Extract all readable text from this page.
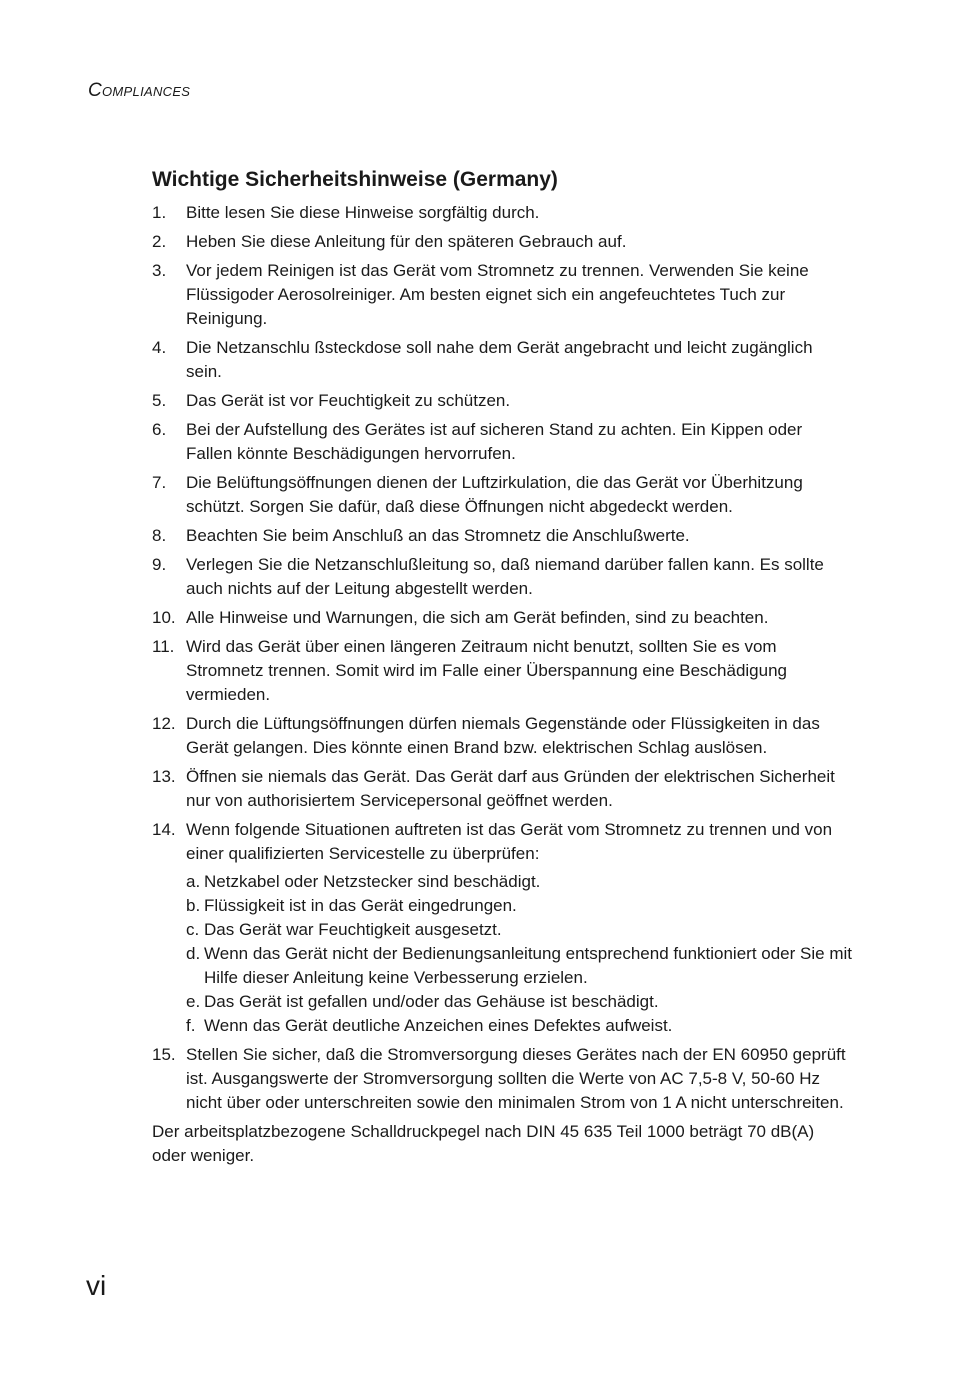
Compliances
Wichtige Sicherheitshinweise (Germany)
1. Bitte lesen Sie diese Hinweise sorgfältig durch.
2. Heben Sie diese Anleitung für den späteren Gebrauch auf.
3. Vor jedem Reinigen ist das Gerät vom Stromnetz zu trennen. Verwenden Sie keine Flüssigoder Aerosolreiniger. Am besten eignet sich ein angefeuchtetes Tuch zur Reinigung.
4. Die Netzanschlu ßsteckdose soll nahe dem Gerät angebracht und leicht zugänglich sein.
5. Das Gerät ist vor Feuchtigkeit zu schützen.
6. Bei der Aufstellung des Gerätes ist auf sicheren Stand zu achten. Ein Kippen oder Fallen könnte Beschädigungen hervorrufen.
7. Die Belüftungsöffnungen dienen der Luftzirkulation, die das Gerät vor Überhitzung schützt. Sorgen Sie dafür, daß diese Öffnungen nicht abgedeckt werden.
8. Beachten Sie beim Anschluß an das Stromnetz die Anschlußwerte.
9. Verlegen Sie die Netzanschlußleitung so, daß niemand darüber fallen kann. Es sollte auch nichts auf der Leitung abgestellt werden.
10. Alle Hinweise und Warnungen, die sich am Gerät befinden, sind zu beachten.
11. Wird das Gerät über einen längeren Zeitraum nicht benutzt, sollten Sie es vom Stromnetz trennen. Somit wird im Falle einer Überspannung eine Beschädigung vermieden.
12. Durch die Lüftungsöffnungen dürfen niemals Gegenstände oder Flüssigkeiten in das Gerät gelangen. Dies könnte einen Brand bzw. elektrischen Schlag auslösen.
13. Öffnen sie niemals das Gerät. Das Gerät darf aus Gründen der elektrischen Sicherheit nur von authorisiertem Servicepersonal geöffnet werden.
14. Wenn folgende Situationen auftreten ist das Gerät vom Stromnetz zu trennen und von einer qualifizierten Servicestelle zu überprüfen:
a. Netzkabel oder Netzstecker sind beschädigt.
b. Flüssigkeit ist in das Gerät eingedrungen.
c. Das Gerät war Feuchtigkeit ausgesetzt.
d. Wenn das Gerät nicht der Bedienungsanleitung entsprechend funktioniert oder Sie mit Hilfe dieser Anleitung keine Verbesserung erzielen.
e. Das Gerät ist gefallen und/oder das Gehäuse ist beschädigt.
f. Wenn das Gerät deutliche Anzeichen eines Defektes aufweist.
15. Stellen Sie sicher, daß die Stromversorgung dieses Gerätes nach der EN 60950 geprüft ist. Ausgangswerte der Stromversorgung sollten die Werte von AC 7,5-8 V, 50-60 Hz nicht über oder unterschreiten sowie den minimalen Strom von 1 A nicht unterschreiten.

Der arbeitsplatzbezogene Schalldruckpegel nach DIN 45 635 Teil 1000 beträgt 70 dB(A) oder weniger.

vi
